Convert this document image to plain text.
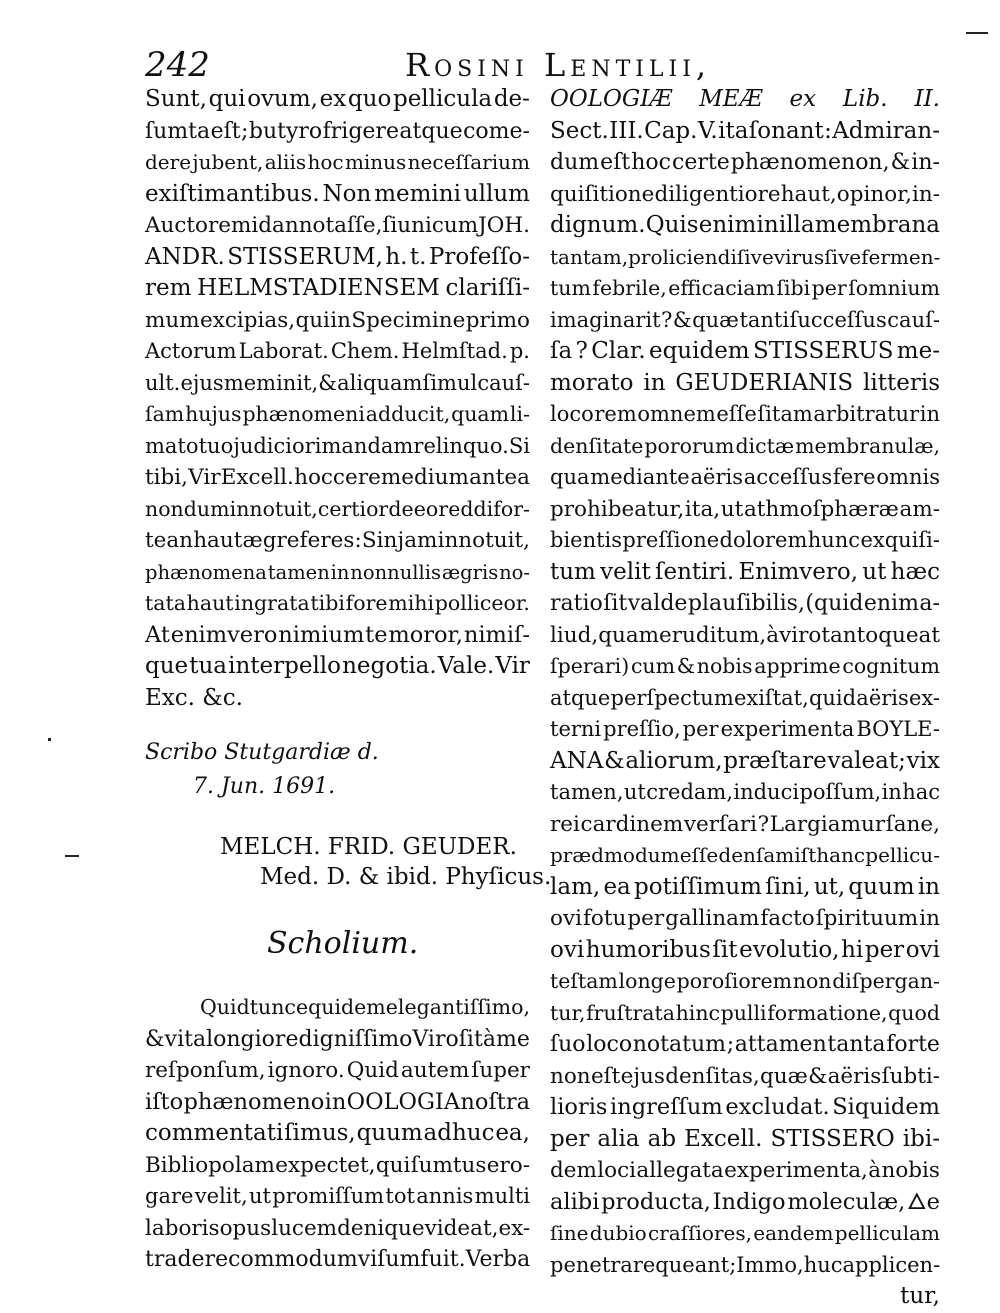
242	Rosini Lentilii,
Sunt, qui ovum, ex quo pellicula de-
ſumta eſt ; butyro frigere atque come-
dere jubent, aliis hoc minus neceſſarium
exiſtimantibus. Non memini ullum
Auctorem id annotaſſe, ſi unicum JOH.
ANDR. STISSERUM, h. t. Profeſſo-
rem HELMSTADIENSEM clariſſi-
mum excipias, qui in Specimine primo
Actorum Laborat. Chem. Helmſtad. p.
ult. ejus meminit, & aliquam ſimul cauſ-
ſam hujus phænomeni adducit, quam li-
mato tuo judicio rimandam relinquo. Si
tibi, Vir Excell. hocce remedium antea
nondum innotuit, certior de eo reddi for-
tean haut ægre feres : Sin jam innotuit,
phænomena tamen in nonnullis ægris no-
tata haut ingrata tibi fore mihi polliceor.
At enimvero nimium te moror, nimiſ-
que tua interpello negotia. Vale. Vir
Exc. &c.
Scribo Stutgardiæ d.
7. Jun. 1691.
MELCH. FRID. GEUDER.
Med. D. & ibid. Phyſicus.
Scholium.
Quid tunc equidem elegantiſſimo,
& vita longiore digniſſimo Viro ſit à me
reſponſum, ignoro. Quid autem ſuper
iſto phænomeno in OOLOGIA noſtra
commentati ſimus, quum adhuc ea,
Bibliopolam expectet, qui ſumtus ero-
gare velit, ut promiſſum tot annis multi
laboris opus lucem denique videat, ex-
tradere commodum viſum fuit. Verba
OOLOGIÆ MEÆ ex Lib. II.
Sect. III. Cap. V. ita ſonant : Admiran-
dum eſt hoc certe phænomenon, & in-
quiſitione diligentiore haut, opinor, in-
dignum. Quis enim in illa membrana
tantam, proliciendi ſive virus ſive fermen-
tum febrile, efficaciam ſibi per ſomnium
imaginarit ? & quæ tanti ſucceſſus cauſ-
ſa ? Clar. equidem STISSERUS me-
morato in GEUDERIANIS litteris
loco rem omnem eſſe ſitam arbitratur in
denſitate pororum dictæ membranulæ,
qua mediante aëris acceſſus fere omnis
prohibeatur, ita, ut athmoſphæræ am-
bientis preſſione dolorem hunc exquiſi-
tum velit ſentiri. Enimvero, ut hæc
ratio ſit valde plauſibilis, (quid enim a-
liud, quam eruditum, à viro tanto queat
ſperari) cum & nobis apprime cognitum
atque perſpectum exiſtat, quid aëris ex-
terni preſſio, per experimenta BOYLE-
ANA & aliorum, præſtare valeat; vix
tamen, ut credam, induci poſſum, in hac
rei cardinem verſari ? Largiamur ſane,
prædmodum eſſe denſam iſthanc pellicu-
lam, ea potiſſimum ſini, ut, quum in
ovi fotu per gallinam facto ſpirituum in
ovi humoribus ſit evolutio, hi per ovi
teſtam longe poroſiorem non diſpergan-
tur, fruſtrata hinc pulli formatione, quod
ſuo loco notatum ; attamen tanta forte
non eſt ejus denſitas, quæ & aëris ſubti-
lioris ingreſſum excludat. Siquidem
per alia ab Excell. STISSERO ibi-
dem loci allegata experimenta, à nobis
alibi producta, Indigo moleculæ, 🜂e
ſine dubio craſſiores, eandem pelliculam
penetrare queant ; Immo, huc applicen-
tur,
